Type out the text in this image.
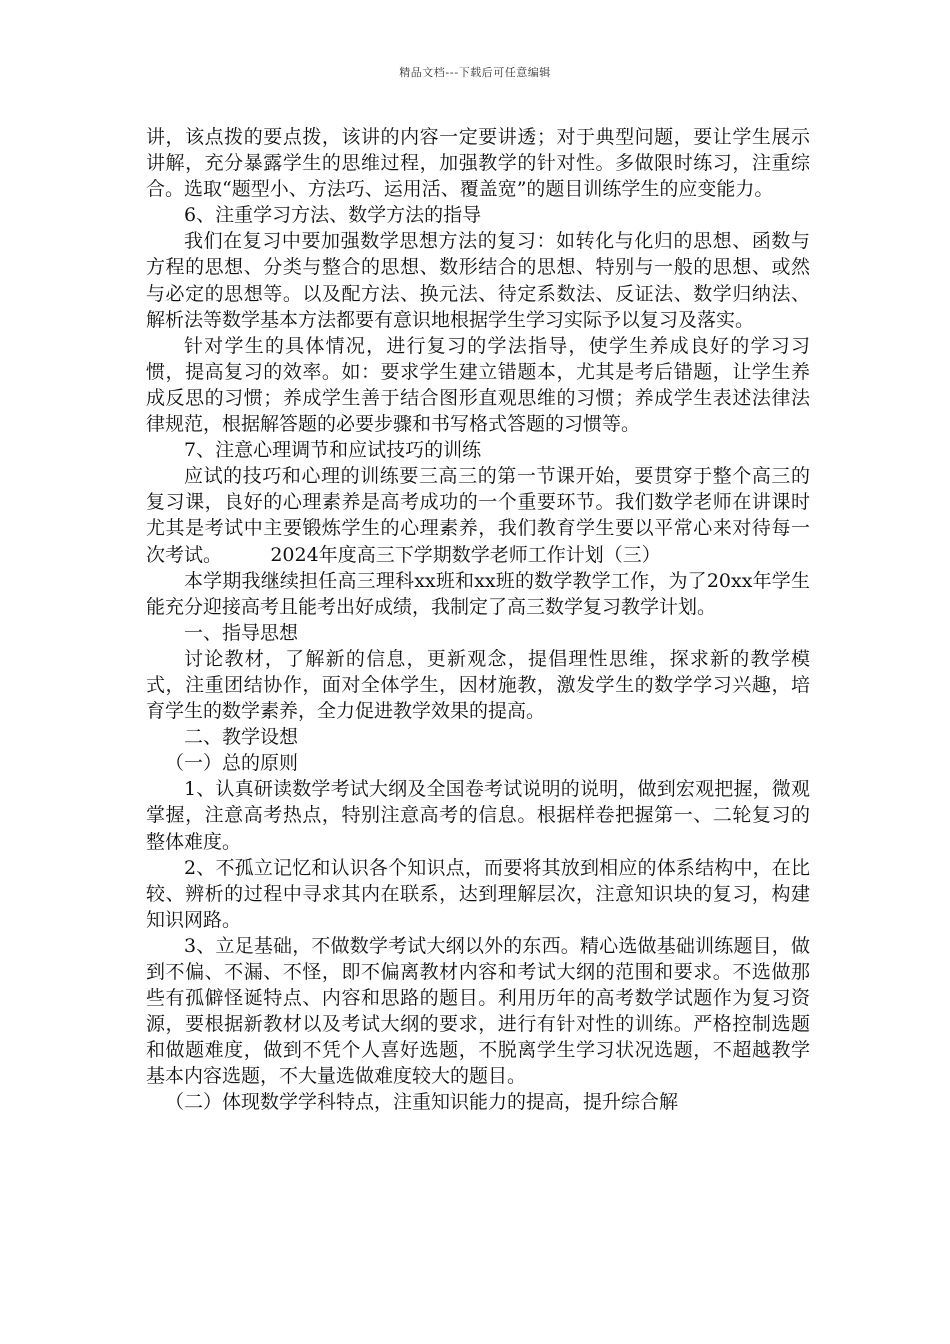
精品文档---下载后可任意编辑

讲，该点拨的要点拨，该讲的内容一定要讲透；对于典型问题，要让学生展示讲解，充分暴露学生的思维过程，加强教学的针对性。多做限时练习，注重综合。选取“题型小、方法巧、运用活、覆盖宽”的题目训练学生的应变能力。

6、注重学习方法、数学方法的指导

我们在复习中要加强数学思想方法的复习：如转化与化归的思想、函数与方程的思想、分类与整合的思想、数形结合的思想、特别与一般的思想、或然与必定的思想等。以及配方法、换元法、待定系数法、反证法、数学归纳法、解析法等数学基本方法都要有意识地根据学生学习实际予以复习及落实。

针对学生的具体情况，进行复习的学法指导，使学生养成良好的学习习惯，提高复习的效率。如：要求学生建立错题本，尤其是考后错题，让学生养成反思的习惯；养成学生善于结合图形直观思维的习惯；养成学生表述法律法律规范，根据解答题的必要步骤和书写格式答题的习惯等。

7、注意心理调节和应试技巧的训练

应试的技巧和心理的训练要三高三的第一节课开始，要贯穿于整个高三的复习课，良好的心理素养是高考成功的一个重要环节。我们数学老师在讲课时尤其是考试中主要锻炼学生的心理素养，我们教育学生要以平常心来对待每一次考试。	2024年度高三下学期数学老师工作计划（三）

本学期我继续担任高三理科xx班和xx班的数学教学工作，为了20xx年学生能充分迎接高考且能考出好成绩，我制定了高三数学复习教学计划。

一、指导思想

讨论教材，了解新的信息，更新观念，提倡理性思维，探求新的教学模式，注重团结协作，面对全体学生，因材施教，激发学生的数学学习兴趣，培育学生的数学素养，全力促进教学效果的提高。

二、教学设想

（一）总的原则

1、认真研读数学考试大纲及全国卷考试说明的说明，做到宏观把握，微观掌握，注意高考热点，特别注意高考的信息。根据样卷把握第一、二轮复习的整体难度。

2、不孤立记忆和认识各个知识点，而要将其放到相应的体系结构中，在比较、辨析的过程中寻求其内在联系，达到理解层次，注意知识块的复习，构建知识网路。

3、立足基础，不做数学考试大纲以外的东西。精心选做基础训练题目，做到不偏、不漏、不怪，即不偏离教材内容和考试大纲的范围和要求。不选做那些有孤僻怪诞特点、内容和思路的题目。利用历年的高考数学试题作为复习资源，要根据新教材以及考试大纲的要求，进行有针对性的训练。严格控制选题和做题难度，做到不凭个人喜好选题，不脱离学生学习状况选题，不超越教学基本内容选题，不大量选做难度较大的题目。

（二）体现数学学科特点，注重知识能力的提高，提升综合解
